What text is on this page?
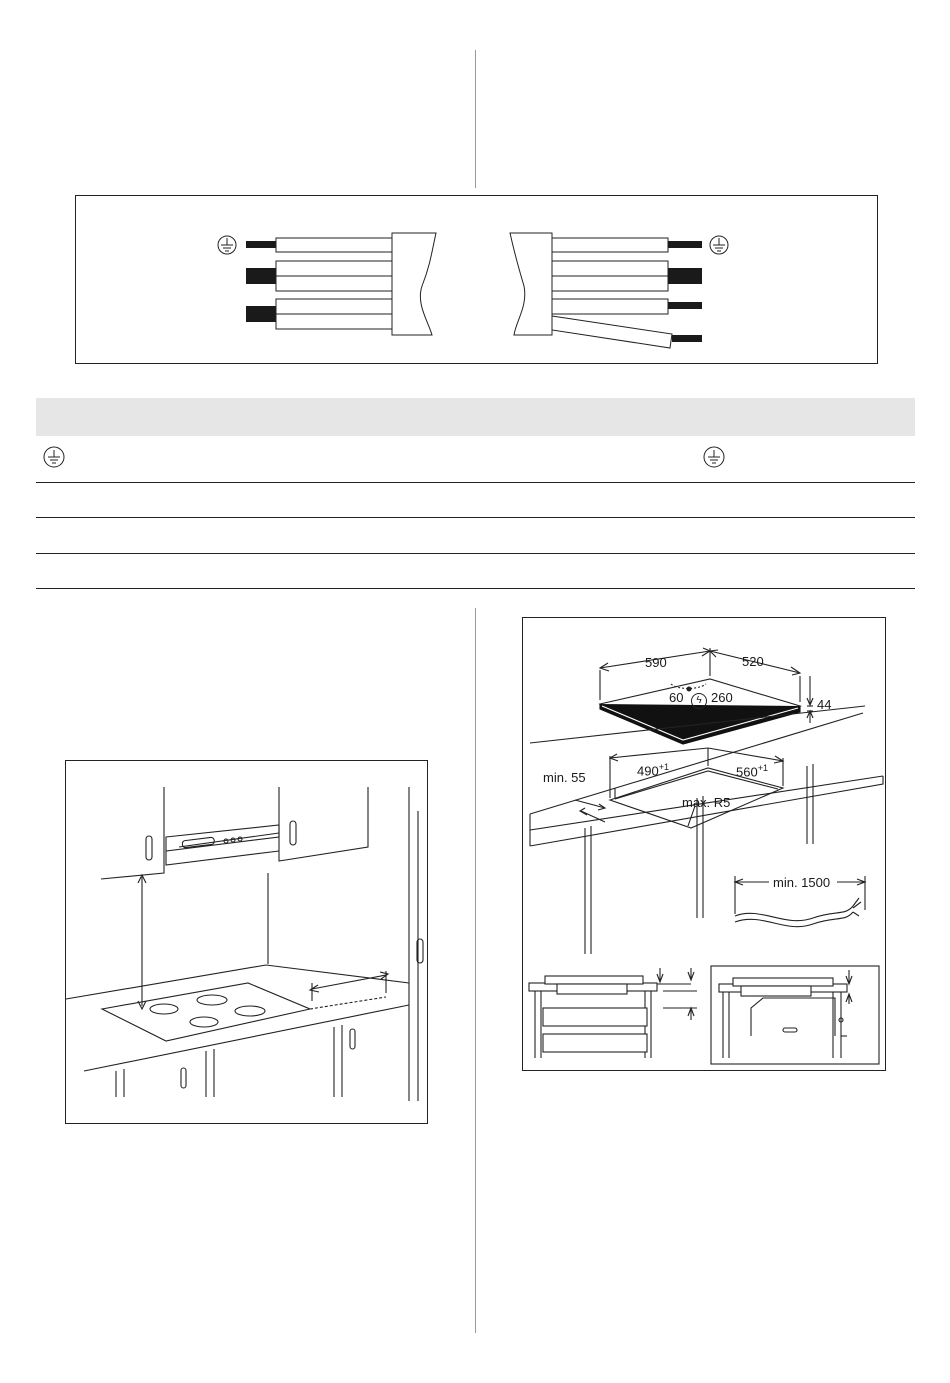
590	520
60	ϟ 260	44
min. 55	$490^{+1}$	$560^{+1}$
max. R5
min. 1500
